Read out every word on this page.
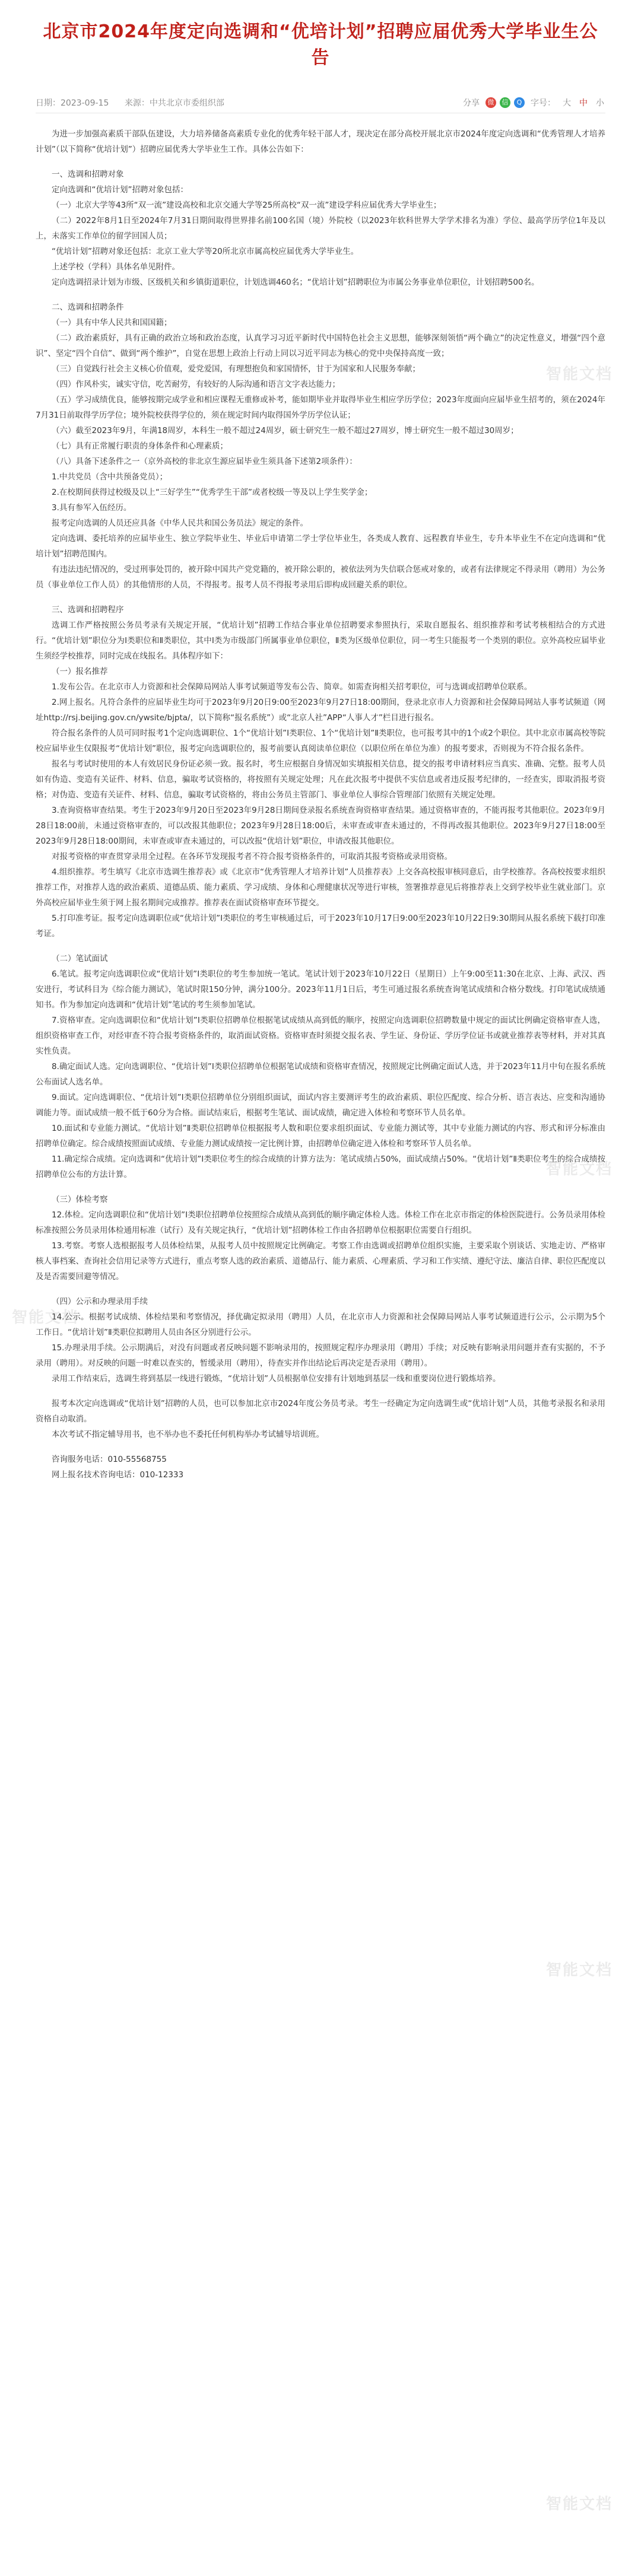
北京市2024年度定向选调和“优培计划”招聘应届优秀大学毕业生公告
日期：2023-09-15 来源：中共北京市委组织部	分享	微	信	Q	字号： 大 中 小

为进一步加强高素质干部队伍建设，大力培养储备高素质专业化的优秀年轻干部人才，现决定在部分高校开展北京市2024年度定向选调和“优秀管理人才培养计划”（以下简称“优培计划”）招聘应届优秀大学毕业生工作。具体公告如下：

一、选调和招聘对象

定向选调和“优培计划”招聘对象包括：

（一）北京大学等43所“双一流”建设高校和北京交通大学等25所高校“双一流”建设学科应届优秀大学毕业生；

（二）2022年8月1日至2024年7月31日期间取得世界排名前100名国（境）外院校（以2023年软科世界大学学术排名为准）学位、最高学历学位1年及以上，未落实工作单位的留学回国人员；

“优培计划”招聘对象还包括：北京工业大学等20所北京市属高校应届优秀大学毕业生。

上述学校（学科）具体名单见附件。

定向选调招录计划为市级、区级机关和乡镇街道职位，计划选调460名；“优培计划”招聘职位为市属公务事业单位职位，计划招聘500名。

二、选调和招聘条件

（一）具有中华人民共和国国籍；

（二）政治素质好，具有正确的政治立场和政治态度，认真学习习近平新时代中国特色社会主义思想，能够深刻领悟“两个确立”的决定性意义，增强“四个意识”、坚定“四个自信”、做到“两个维护”，自觉在思想上政治上行动上同以习近平同志为核心的党中央保持高度一致；

（三）自觉践行社会主义核心价值观，爱党爱国，有理想抱负和家国情怀，甘于为国家和人民服务奉献；

（四）作风朴实，诚实守信，吃苦耐劳，有较好的人际沟通和语言文字表达能力；

（五）学习成绩优良，能够按期完成学业和相应课程无重修或补考，能如期毕业并取得毕业生相应学历学位；2023年度面向应届毕业生招考的，须在2024年7月31日前取得学历学位；境外院校获得学位的，须在规定时间内取得国外学历学位认证；

（六）截至2023年9月，年满18周岁，本科生一般不超过24周岁，硕士研究生一般不超过27周岁，博士研究生一般不超过30周岁；

（七）具有正常履行职责的身体条件和心理素质；

（八）具备下述条件之一（京外高校的非北京生源应届毕业生须具备下述第2项条件）：

1.中共党员（含中共预备党员）；

2.在校期间获得过校级及以上“三好学生”“优秀学生干部”或者校级一等及以上学生奖学金；

3.具有参军入伍经历。

报考定向选调的人员还应具备《中华人民共和国公务员法》规定的条件。

定向选调、委托培养的应届毕业生、独立学院毕业生、毕业后申请第二学士学位毕业生，各类成人教育、远程教育毕业生，专升本毕业生不在定向选调和“优培计划”招聘范围内。

有违法违纪情况的，受过刑事处罚的，被开除中国共产党党籍的，被开除公职的，被依法列为失信联合惩戒对象的，或者有法律规定不得录用（聘用）为公务员（事业单位工作人员）的其他情形的人员，不得报考。报考人员不得报考录用后即构成回避关系的职位。

三、选调和招聘程序

选调工作严格按照公务员考录有关规定开展，“优培计划”招聘工作结合事业单位招聘要求参照执行，采取自愿报名、组织推荐和考试考核相结合的方式进行。“优培计划”职位分为Ⅰ类职位和Ⅱ类职位，其中Ⅰ类为市级部门所属事业单位职位，Ⅱ类为区级单位职位，同一考生只能报考一个类别的职位。京外高校应届毕业生须经学校推荐，同时完成在线报名。具体程序如下：

（一）报名推荐

1.发布公告。在北京市人力资源和社会保障局网站人事考试频道等发布公告、简章。如需查询相关招考职位，可与选调或招聘单位联系。

2.网上报名。凡符合条件的应届毕业生均可于2023年9月20日9:00至2023年9月27日18:00期间，登录北京市人力资源和社会保障局网站人事考试频道（网址http://rsj.beijing.gov.cn/ywsite/bjpta/，以下简称“报名系统”）或“北京人社”APP“人事人才”栏目进行报名。

符合报名条件的人员可同时报考1个定向选调职位、1个“优培计划”Ⅰ类职位、1个“优培计划”Ⅱ类职位，也可报考其中的1个或2个职位。其中北京市属高校等院校应届毕业生仅限报考“优培计划”职位，报考定向选调职位的，报考前要认真阅读单位职位（以职位所在单位为准）的报考要求，否则视为不符合报名条件。

报名与考试时使用的本人有效居民身份证必须一致。报名时，考生应根据自身情况如实填报相关信息，提交的报考申请材料应当真实、准确、完整。报考人员如有伪造、变造有关证件、材料、信息，骗取考试资格的，将按照有关规定处理；凡在此次报考中提供不实信息或者违反报考纪律的，一经查实，即取消报考资格；对伪造、变造有关证件、材料、信息，骗取考试资格的，将由公务员主管部门、事业单位人事综合管理部门依照有关规定处理。

3.查询资格审查结果。考生于2023年9月20日至2023年9月28日期间登录报名系统查询资格审查结果。通过资格审查的，不能再报考其他职位。2023年9月28日18:00前，未通过资格审查的，可以改报其他职位；2023年9月28日18:00后，未审查或审查未通过的，不得再改报其他职位。2023年9月27日18:00至2023年9月28日18:00期间，未审查或审查未通过的，可以改报“优培计划”职位，申请改报其他职位。

对报考资格的审查贯穿录用全过程。在各环节发现报考者不符合报考资格条件的，可取消其报考资格或录用资格。

4.组织推荐。考生填写《北京市选调生推荐表》或《北京市“优秀管理人才培养计划”人员推荐表》上交各高校报审核同意后，由学校推荐。各高校按要求组织推荐工作，对推荐人选的政治素质、道德品质、能力素质、学习成绩、身体和心理健康状况等进行审核，签署推荐意见后将推荐表上交到学校毕业生就业部门。京外高校应届毕业生须于网上报名期间完成推荐。推荐表在面试资格审查环节提交。

5.打印准考证。报考定向选调职位或“优培计划”Ⅰ类职位的考生审核通过后，可于2023年10月17日9:00至2023年10月22日9:30期间从报名系统下载打印准考证。

（二）笔试面试

6.笔试。报考定向选调职位或“优培计划”Ⅰ类职位的考生参加统一笔试。笔试计划于2023年10月22日（星期日）上午9:00至11:30在北京、上海、武汉、西安进行，考试科目为《综合能力测试》，笔试时限150分钟，满分100分。2023年11月1日后，考生可通过报名系统查询笔试成绩和合格分数线。打印笔试成绩通知书。作为参加定向选调和“优培计划”笔试的考生须参加笔试。

7.资格审查。定向选调职位和“优培计划”Ⅰ类职位招聘单位根据笔试成绩从高到低的顺序，按照定向选调职位招聘数量中规定的面试比例确定资格审查人选，组织资格审查工作，对经审查不符合报考资格条件的，取消面试资格。资格审查时须提交报名表、学生证、身份证、学历学位证书或就业推荐表等材料，并对其真实性负责。

8.确定面试人选。定向选调职位、“优培计划”Ⅰ类职位招聘单位根据笔试成绩和资格审查情况，按照规定比例确定面试人选，并于2023年11月中旬在报名系统公布面试人选名单。

9.面试。定向选调职位、“优培计划”Ⅰ类职位招聘单位分别组织面试，面试内容主要测评考生的政治素质、职位匹配度、综合分析、语言表达、应变和沟通协调能力等。面试成绩一般不低于60分为合格。面试结束后，根据考生笔试、面试成绩，确定进入体检和考察环节人员名单。

10.面试和专业能力测试。“优培计划”Ⅱ类职位招聘单位根据报考人数和职位要求组织面试、专业能力测试等，其中专业能力测试的内容、形式和评分标准由招聘单位确定。综合成绩按照面试成绩、专业能力测试成绩按一定比例计算，由招聘单位确定进入体检和考察环节人员名单。

11.确定综合成绩。定向选调和“优培计划”Ⅰ类职位考生的综合成绩的计算方法为：笔试成绩占50%，面试成绩占50%。“优培计划”Ⅱ类职位考生的综合成绩按招聘单位公布的方法计算。

（三）体检考察

12.体检。定向选调职位和“优培计划”Ⅰ类职位招聘单位按照综合成绩从高到低的顺序确定体检人选。体检工作在北京市指定的体检医院进行。公务员录用体检标准按照公务员录用体检通用标准（试行）及有关规定执行，“优培计划”招聘体检工作由各招聘单位根据职位需要自行组织。

13.考察。考察人选根据报考人员体检结果，从报考人员中按照规定比例确定。考察工作由选调或招聘单位组织实施，主要采取个别谈话、实地走访、严格审核人事档案、查询社会信用记录等方式进行，重点考察人选的政治素质、道德品行、能力素质、心理素质、学习和工作实绩、遵纪守法、廉洁自律、职位匹配度以及是否需要回避等情况。

（四）公示和办理录用手续

14.公示。根据考试成绩、体检结果和考察情况，择优确定拟录用（聘用）人员，在北京市人力资源和社会保障局网站人事考试频道进行公示，公示期为5个工作日。“优培计划”Ⅱ类职位拟聘用人员由各区分别进行公示。

15.办理录用手续。公示期满后，对没有问题或者反映问题不影响录用的，按照规定程序办理录用（聘用）手续；对反映有影响录用问题并查有实据的，不予录用（聘用）。对反映的问题一时难以查实的，暂缓录用（聘用），待查实并作出结论后再决定是否录用（聘用）。

录用工作结束后，选调生将到基层一线进行锻炼，“优培计划”人员根据单位安排有计划地到基层一线和重要岗位进行锻炼培养。

报考本次定向选调或“优培计划”招聘的人员，也可以参加北京市2024年度公务员考录。考生一经确定为定向选调生或“优培计划”人员，其他考录报名和录用资格自动取消。

本次考试不指定辅导用书，也不举办也不委托任何机构举办考试辅导培训班。

咨询服务电话：010-55568755

网上报名技术咨询电话：010-12333

智能文档
智能文档
智能文档
智能文档
智能文档
